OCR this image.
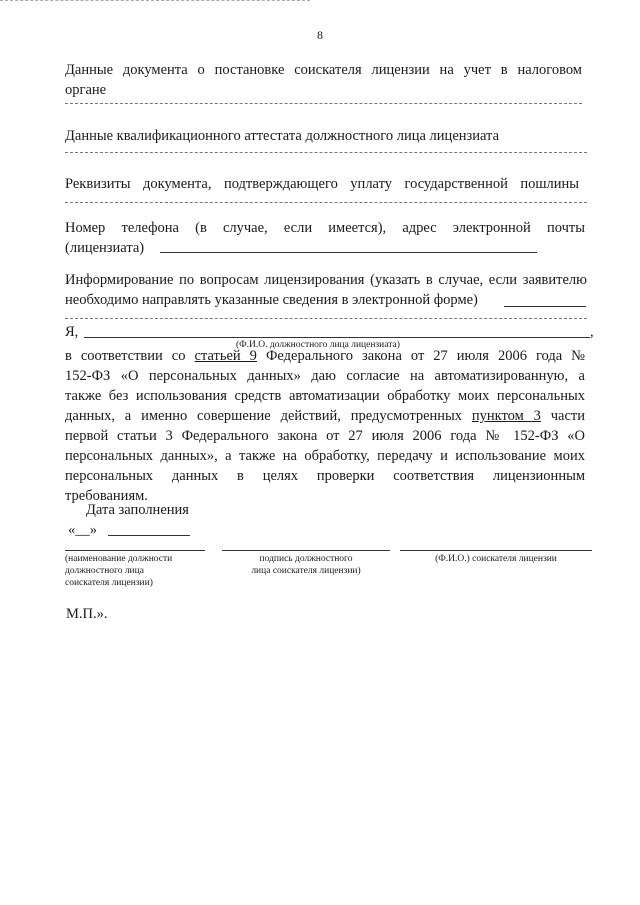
8
Данные документа о постановке соискателя лицензии на учет в налоговом
органе
Данные квалификационного аттестата должностного лица лицензиата
Реквизиты документа, подтверждающего уплату государственной пошлины
Номер телефона (в случае, если имеется), адрес электронной почты
(лицензиата)
Информирование по вопросам лицензирования (указать в случае, если заявителю
необходимо направлять указанные сведения в электронной форме)
Я,	,
(Ф.И.О. должностного лица лицензиата)
в соответствии со статьей 9 Федерального закона от 27 июля 2006 года №
152-ФЗ «О персональных данных» даю согласие на автоматизированную, а
также без использования средств автоматизации обработку моих персональных
данных, а именно совершение действий, предусмотренных пунктом 3 части
первой статьи 3 Федерального закона от 27 июля 2006 года № 152-ФЗ «О
персональных данных», а также на обработку, передачу и использование моих
персональных данных в целях проверки соответствия лицензионным
требованиям.
Дата заполнения
«__»
(наименование должности
должностного лица
соискателя лицензии)
подпись должностного
лица соискателя лицензии)
(Ф.И.О.) соискателя лицензии
М.П.».
